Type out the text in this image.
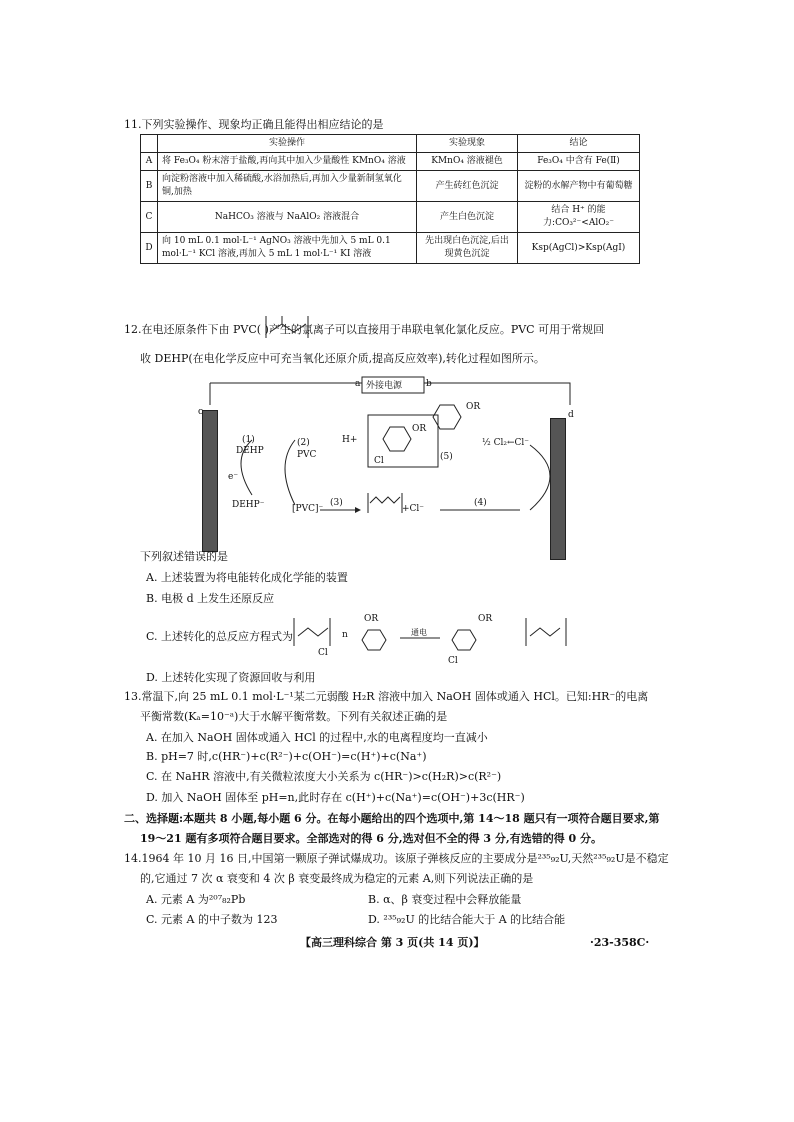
11.下列实验操作、现象均正确且能得出相应结论的是
	实验操作	实验现象	结论
A	将 Fe₃O₄ 粉末溶于盐酸,再向其中加入少量酸性 KMnO₄ 溶液	KMnO₄ 溶液褪色	Fe₃O₄ 中含有 Fe(Ⅱ)
B	向淀粉溶液中加入稀硫酸,水浴加热后,再加入少量新制氢氧化铜,加热	产生砖红色沉淀	淀粉的水解产物中有葡萄糖
C	NaHCO₃ 溶液与 NaAlO₂ 溶液混合	产生白色沉淀	结合 H⁺ 的能力:CO₃²⁻<AlO₂⁻
D	向 10 mL 0.1 mol·L⁻¹ AgNO₃ 溶液中先加入 5 mL 0.1 mol·L⁻¹ KCl 溶液,再加入 5 mL 1 mol·L⁻¹ KI 溶液	先出现白色沉淀,后出现黄色沉淀	Ksp(AgCl)>Ksp(AgI)
12.在电还原条件下由 PVC( )产生的氯离子可以直接用于串联电氧化氯化反应。PVC 可用于常规回
收 DEHP(在电化学反应中可充当氧化还原介质,提高反应效率),转化过程如图所示。
外接电源
a	b
c	d
(1)
DEHP
(2)
PVC
e⁻
DEHP⁻	[PVC]⁻
(3)
+Cl⁻
(4)
H+
OR
OR
Cl	(5)
½ Cl₂←Cl⁻
下列叙述错误的是
A. 上述装置为将电能转化成化学能的装置
B. 电极 d 上发生还原反应
C. 上述转化的总反应方程式为	通电
n
OR	OR
Cl
Cl
D. 上述转化实现了资源回收与利用
13.常温下,向 25 mL 0.1 mol·L⁻¹某二元弱酸 H₂R 溶液中加入 NaOH 固体或通入 HCl。已知:HR⁻的电离
平衡常数(Kₐ=10⁻ᵃ)大于水解平衡常数。下列有关叙述正确的是
A. 在加入 NaOH 固体或通入 HCl 的过程中,水的电离程度均一直减小
B. pH=7 时,c(HR⁻)+c(R²⁻)+c(OH⁻)=c(H⁺)+c(Na⁺)
C. 在 NaHR 溶液中,有关微粒浓度大小关系为 c(HR⁻)>c(H₂R)>c(R²⁻)
D. 加入 NaOH 固体至 pH=n,此时存在 c(H⁺)+c(Na⁺)=c(OH⁻)+3c(HR⁻)
二、选择题:本题共 8 小题,每小题 6 分。在每小题给出的四个选项中,第 14～18 题只有一项符合题目要求,第
19～21 题有多项符合题目要求。全部选对的得 6 分,选对但不全的得 3 分,有选错的得 0 分。
14.1964 年 10 月 16 日,中国第一颗原子弹试爆成功。该原子弹核反应的主要成分是²³⁵₉₂U,天然²³⁵₉₂U是不稳定
的,它通过 7 次 α 衰变和 4 次 β 衰变最终成为稳定的元素 A,则下列说法正确的是
A. 元素 A 为²⁰⁷₈₂Pb	B. α、β 衰变过程中会释放能量
C. 元素 A 的中子数为 123	D. ²³⁵₉₂U 的比结合能大于 A 的比结合能
【高三理科综合 第 3 页(共 14 页)】	·23-358C·
